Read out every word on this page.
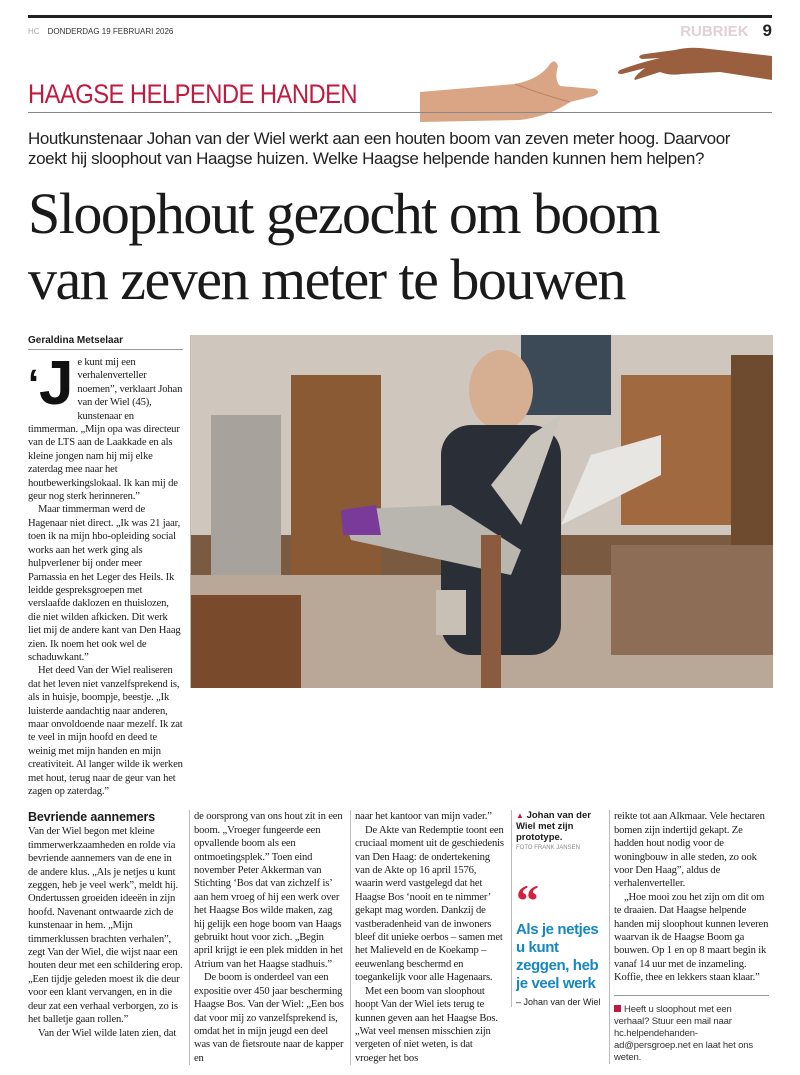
HC DONDERDAG 19 FEBRUARI 2026	RUBRIEK 9
HAAGSE HELPENDE HANDEN
Houtkunstenaar Johan van der Wiel werkt aan een houten boom van zeven meter hoog. Daarvoor zoekt hij sloophout van Haagse huizen. Welke Haagse helpende handen kunnen hem helpen?
Sloophout gezocht om boom
van zeven meter te bouwen
Geraldina Metselaar
‘J e kunt mij een verhalenverteller noemen”, verklaart Johan van der Wiel (45), kunstenaar en timmerman. „Mijn opa was directeur van de LTS aan de Laakkade en als kleine jongen nam hij mij elke zaterdag mee naar het houtbewerkingslokaal. Ik kan mij de geur nog sterk herinneren.”

Maar timmerman werd de Hagenaar niet direct. „Ik was 21 jaar, toen ik na mijn hbo-opleiding social works aan het werk ging als hulpverlener bij onder meer Parnassia en het Leger des Heils. Ik leidde gespreksgroepen met verslaafde daklozen en thuislozen, die niet wilden afkicken. Dit werk liet mij de andere kant van Den Haag zien. Ik noem het ook wel de schaduwkant.”

Het deed Van der Wiel realiseren dat het leven niet vanzelfsprekend is, als in huisje, boompje, beestje. „Ik luisterde aandachtig naar anderen, maar onvoldoende naar mezelf. Ik zat te veel in mijn hoofd en deed te weinig met mijn handen en mijn creativiteit. Al langer wilde ik werken met hout, terug naar de geur van het zagen op zaterdag.”

Bevriende aannemers

Van der Wiel begon met kleine timmerwerkzaamheden en rolde via bevriende aannemers van de ene in de andere klus. „Als je netjes u kunt zeggen, heb je veel werk”, meldt hij. Ondertussen groeiden ideeën in zijn hoofd. Navenant ontwaarde zich de kunstenaar in hem. „Mijn timmerklussen brachten verhalen”, zegt Van der Wiel, die wijst naar een houten deur met een schildering erop. „Een tijdje geleden moest ik die deur voor een klant vervangen, en in die deur zat een verhaal verborgen, zo is het balletje gaan rollen.”

Van der Wiel wilde laten zien, dat

de oorsprong van ons hout zit in een boom. „Vroeger fungeerde een opvallende boom als een ontmoetingsplek.” Toen eind november Peter Akkerman van Stichting ‘Bos dat van zichzelf is’ aan hem vroeg of hij een werk over het Haagse Bos wilde maken, zag hij gelijk een hoge boom van Haags gebruikt hout voor zich. „Begin april krijgt ie een plek midden in het Atrium van het Haagse stadhuis.”

De boom is onderdeel van een expositie over 450 jaar bescherming Haagse Bos. Van der Wiel: „Een bos dat voor mij zo vanzelfsprekend is, omdat het in mijn jeugd een deel was van de fietsroute naar de kapper en

naar het kantoor van mijn vader.”

De Akte van Redemptie toont een cruciaal moment uit de geschiedenis van Den Haag: de ondertekening van de Akte op 16 april 1576, waarin werd vastgelegd dat het Haagse Bos ‘nooit en te nimmer’ gekapt mag worden. Dankzij de vastberadenheid van de inwoners bleef dit unieke oerbos – samen met het Malieveld en de Koekamp – eeuwenlang beschermd en toegankelijk voor alle Hagenaars.

Met een boom van sloophout hoopt Van der Wiel iets terug te kunnen geven aan het Haagse Bos. „Wat veel mensen misschien zijn vergeten of niet weten, is dat vroeger het bos

▲ Johan van der Wiel met zijn prototype.
FOTO FRANK JANSEN
“
Als je netjes u kunt zeggen, heb je veel werk
– Johan van der Wiel

reikte tot aan Alkmaar. Vele hectaren bomen zijn indertijd gekapt. Ze hadden hout nodig voor de woningbouw in alle steden, zo ook voor Den Haag”, aldus de verhalenverteller.

„Hoe mooi zou het zijn om dit om te draaien. Dat Haagse helpende handen mij sloophout kunnen leveren waarvan ik de Haagse Boom ga bouwen. Op 1 en op 8 maart begin ik vanaf 14 uur met de inzameling. Koffie, thee en lekkers staan klaar.”

Heeft u sloophout met een verhaal? Stuur een mail naar hc.helpendehanden-ad@persgroep.net en laat het ons weten.
